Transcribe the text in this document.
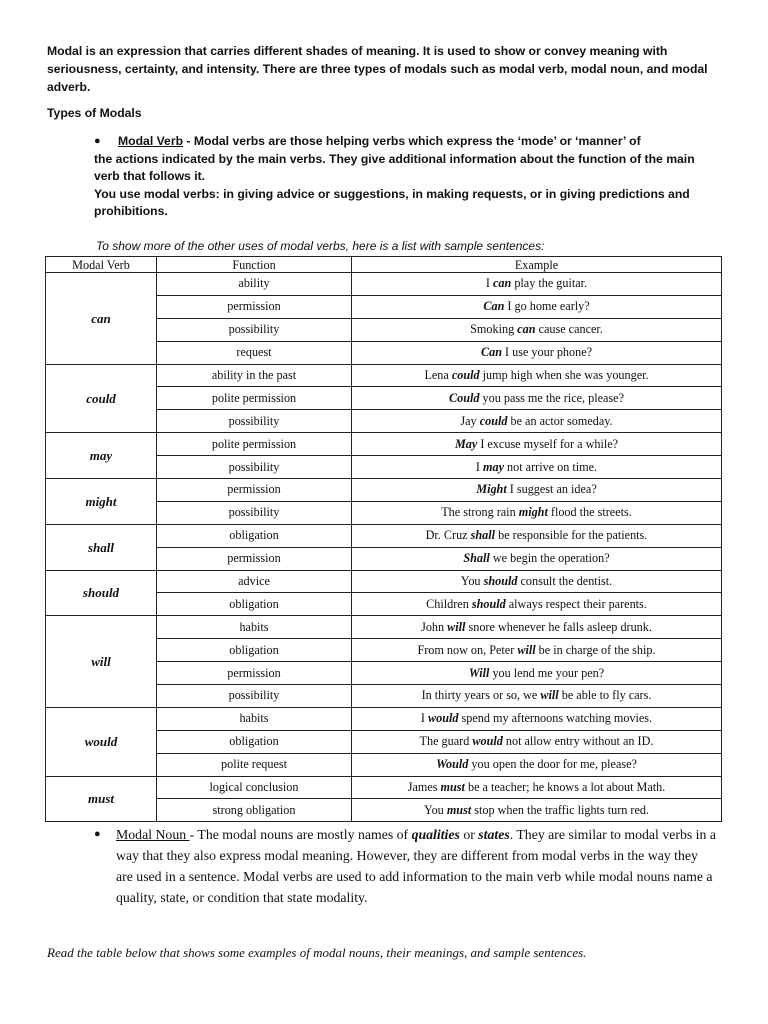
Modal is an expression that carries different shades of meaning. It is used to show or convey meaning with seriousness, certainty, and intensity. There are three types of modals such as modal verb, modal noun, and modal adverb.

Types of Modals

● Modal Verb - Modal verbs are those helping verbs which express the ‘mode’ or ‘manner’ of

the actions indicated by the main verbs. They give additional information about the function of the main verb that follows it.

You use modal verbs: in giving advice or suggestions, in making requests, or in giving predictions and prohibitions.

To show more of the other uses of modal verbs, here is a list with sample sentences:

Modal Verb	Function	Example
can	ability	I can play the guitar.
	permission	Can I go home early?
	possibility	Smoking can cause cancer.
	request	Can I use your phone?
could	ability in the past	Lena could jump high when she was younger.
	polite permission	Could you pass me the rice, please?
	possibility	Jay could be an actor someday.
may	polite permission	May I excuse myself for a while?
	possibility	I may not arrive on time.
might	permission	Might I suggest an idea?
	possibility	The strong rain might flood the streets.
shall	obligation	Dr. Cruz shall be responsible for the patients.
	permission	Shall we begin the operation?
should	advice	You should consult the dentist.
	obligation	Children should always respect their parents.
will	habits	John will snore whenever he falls asleep drunk.
	obligation	From now on, Peter will be in charge of the ship.
	permission	Will you lend me your pen?
	possibility	In thirty years or so, we will be able to fly cars.
would	habits	I would spend my afternoons watching movies.
	obligation	The guard would not allow entry without an ID.
	polite request	Would you open the door for me, please?
must	logical conclusion	James must be a teacher; he knows a lot about Math.
	strong obligation	You must stop when the traffic lights turn red.
● Modal Noun - The modal nouns are mostly names of qualities or states. They are similar to modal verbs in a way that they also express modal meaning. However, they are different from modal verbs in the way they are used in a sentence. Modal verbs are used to add information to the main verb while modal nouns name a quality, state, or condition that state modality.

Read the table below that shows some examples of modal nouns, their meanings, and sample sentences.
